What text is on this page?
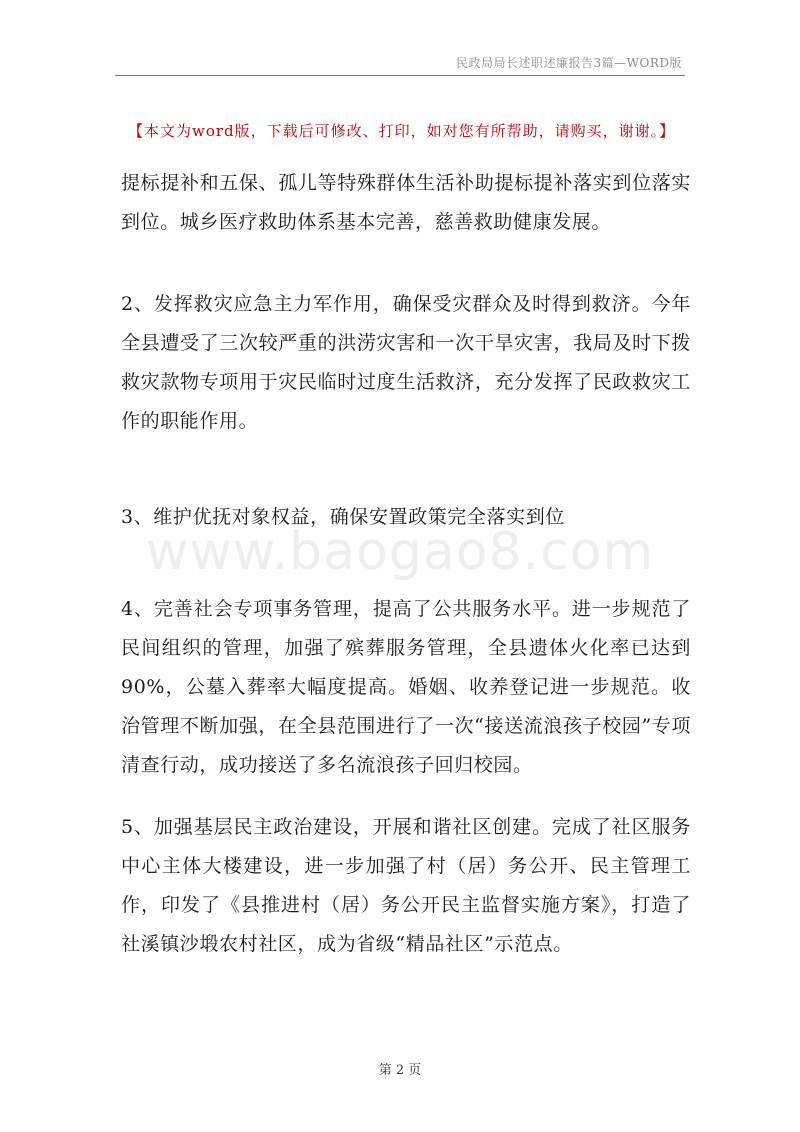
民政局局长述职述廉报告3篇—WORD版
【本文为word版，下载后可修改、打印，如对您有所帮助，请购买，谢谢。】
www.baogao8.com

提标提补和五保、孤儿等特殊群体生活补助提标提补落实到位落实到位。城乡医疗救助体系基本完善，慈善救助健康发展。

2、发挥救灾应急主力军作用，确保受灾群众及时得到救济。今年全县遭受了三次较严重的洪涝灾害和一次干旱灾害，我局及时下拨救灾款物专项用于灾民临时过度生活救济，充分发挥了民政救灾工作的职能作用。

3、维护优抚对象权益，确保安置政策完全落实到位

4、完善社会专项事务管理，提高了公共服务水平。进一步规范了民间组织的管理，加强了殡葬服务管理，全县遗体火化率已达到90%，公墓入葬率大幅度提高。婚姻、收养登记进一步规范。收治管理不断加强，在全县范围进行了一次“接送流浪孩子校园”专项清查行动，成功接送了多名流浪孩子回归校园。

5、加强基层民主政治建设，开展和谐社区创建。完成了社区服务中心主体大楼建设，进一步加强了村（居）务公开、民主管理工作，印发了《县推进村（居）务公开民主监督实施方案》，打造了社溪镇沙塅农村社区，成为省级“精品社区”示范点。

第 2 页
